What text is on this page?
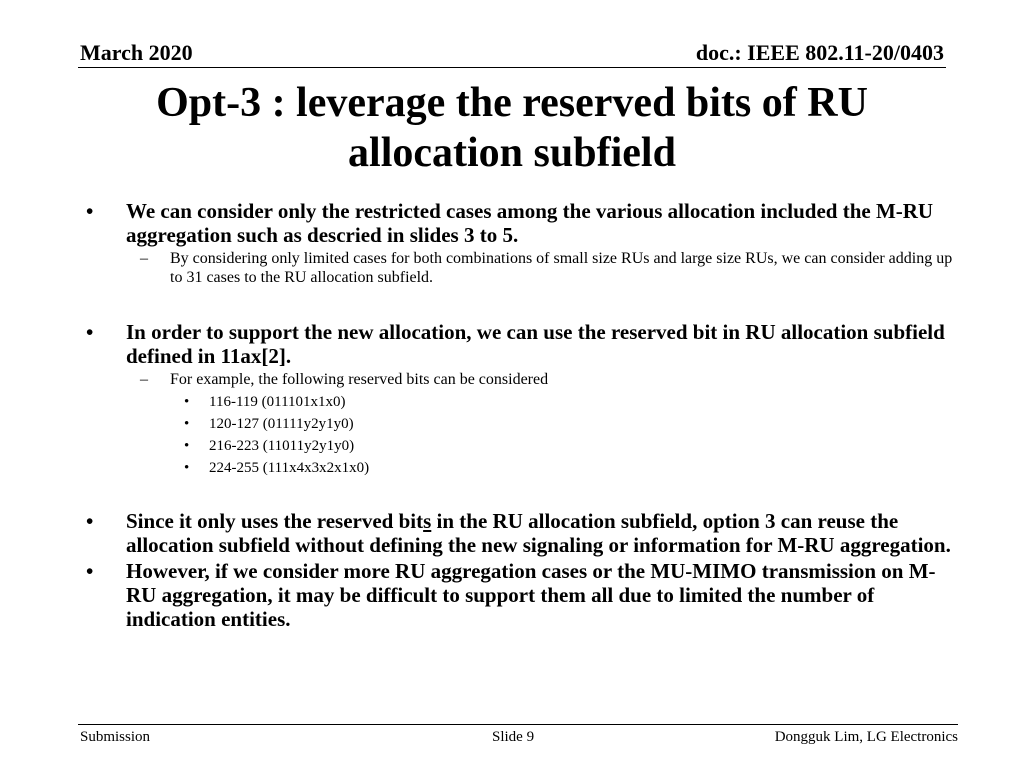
March 2020	doc.: IEEE 802.11-20/0403
Opt-3 : leverage the reserved bits of RU
allocation subfield
• We can consider only the restricted cases among the various allocation included the M-RU aggregation such as descried in slides 3 to 5.
– By considering only limited cases for both combinations of small size RUs and large size RUs, we can consider adding up to 31 cases to the RU allocation subfield.
• In order to support the new allocation, we can use the reserved bit in RU allocation subfield defined in 11ax[2].
– For example, the following reserved bits can be considered
• 116-119 (011101x1x0)
• 120-127 (01111y2y1y0)
• 216-223 (11011y2y1y0)
• 224-255 (111x4x3x2x1x0)
• Since it only uses the reserved bits in the RU allocation subfield, option 3 can reuse the allocation subfield without defining the new signaling or information for M-RU aggregation.
• However, if we consider more RU aggregation cases or the MU-MIMO transmission on M-RU aggregation, it may be difficult to support them all due to limited the number of indication entities.
Submission	Slide 9	Dongguk Lim, LG Electronics
